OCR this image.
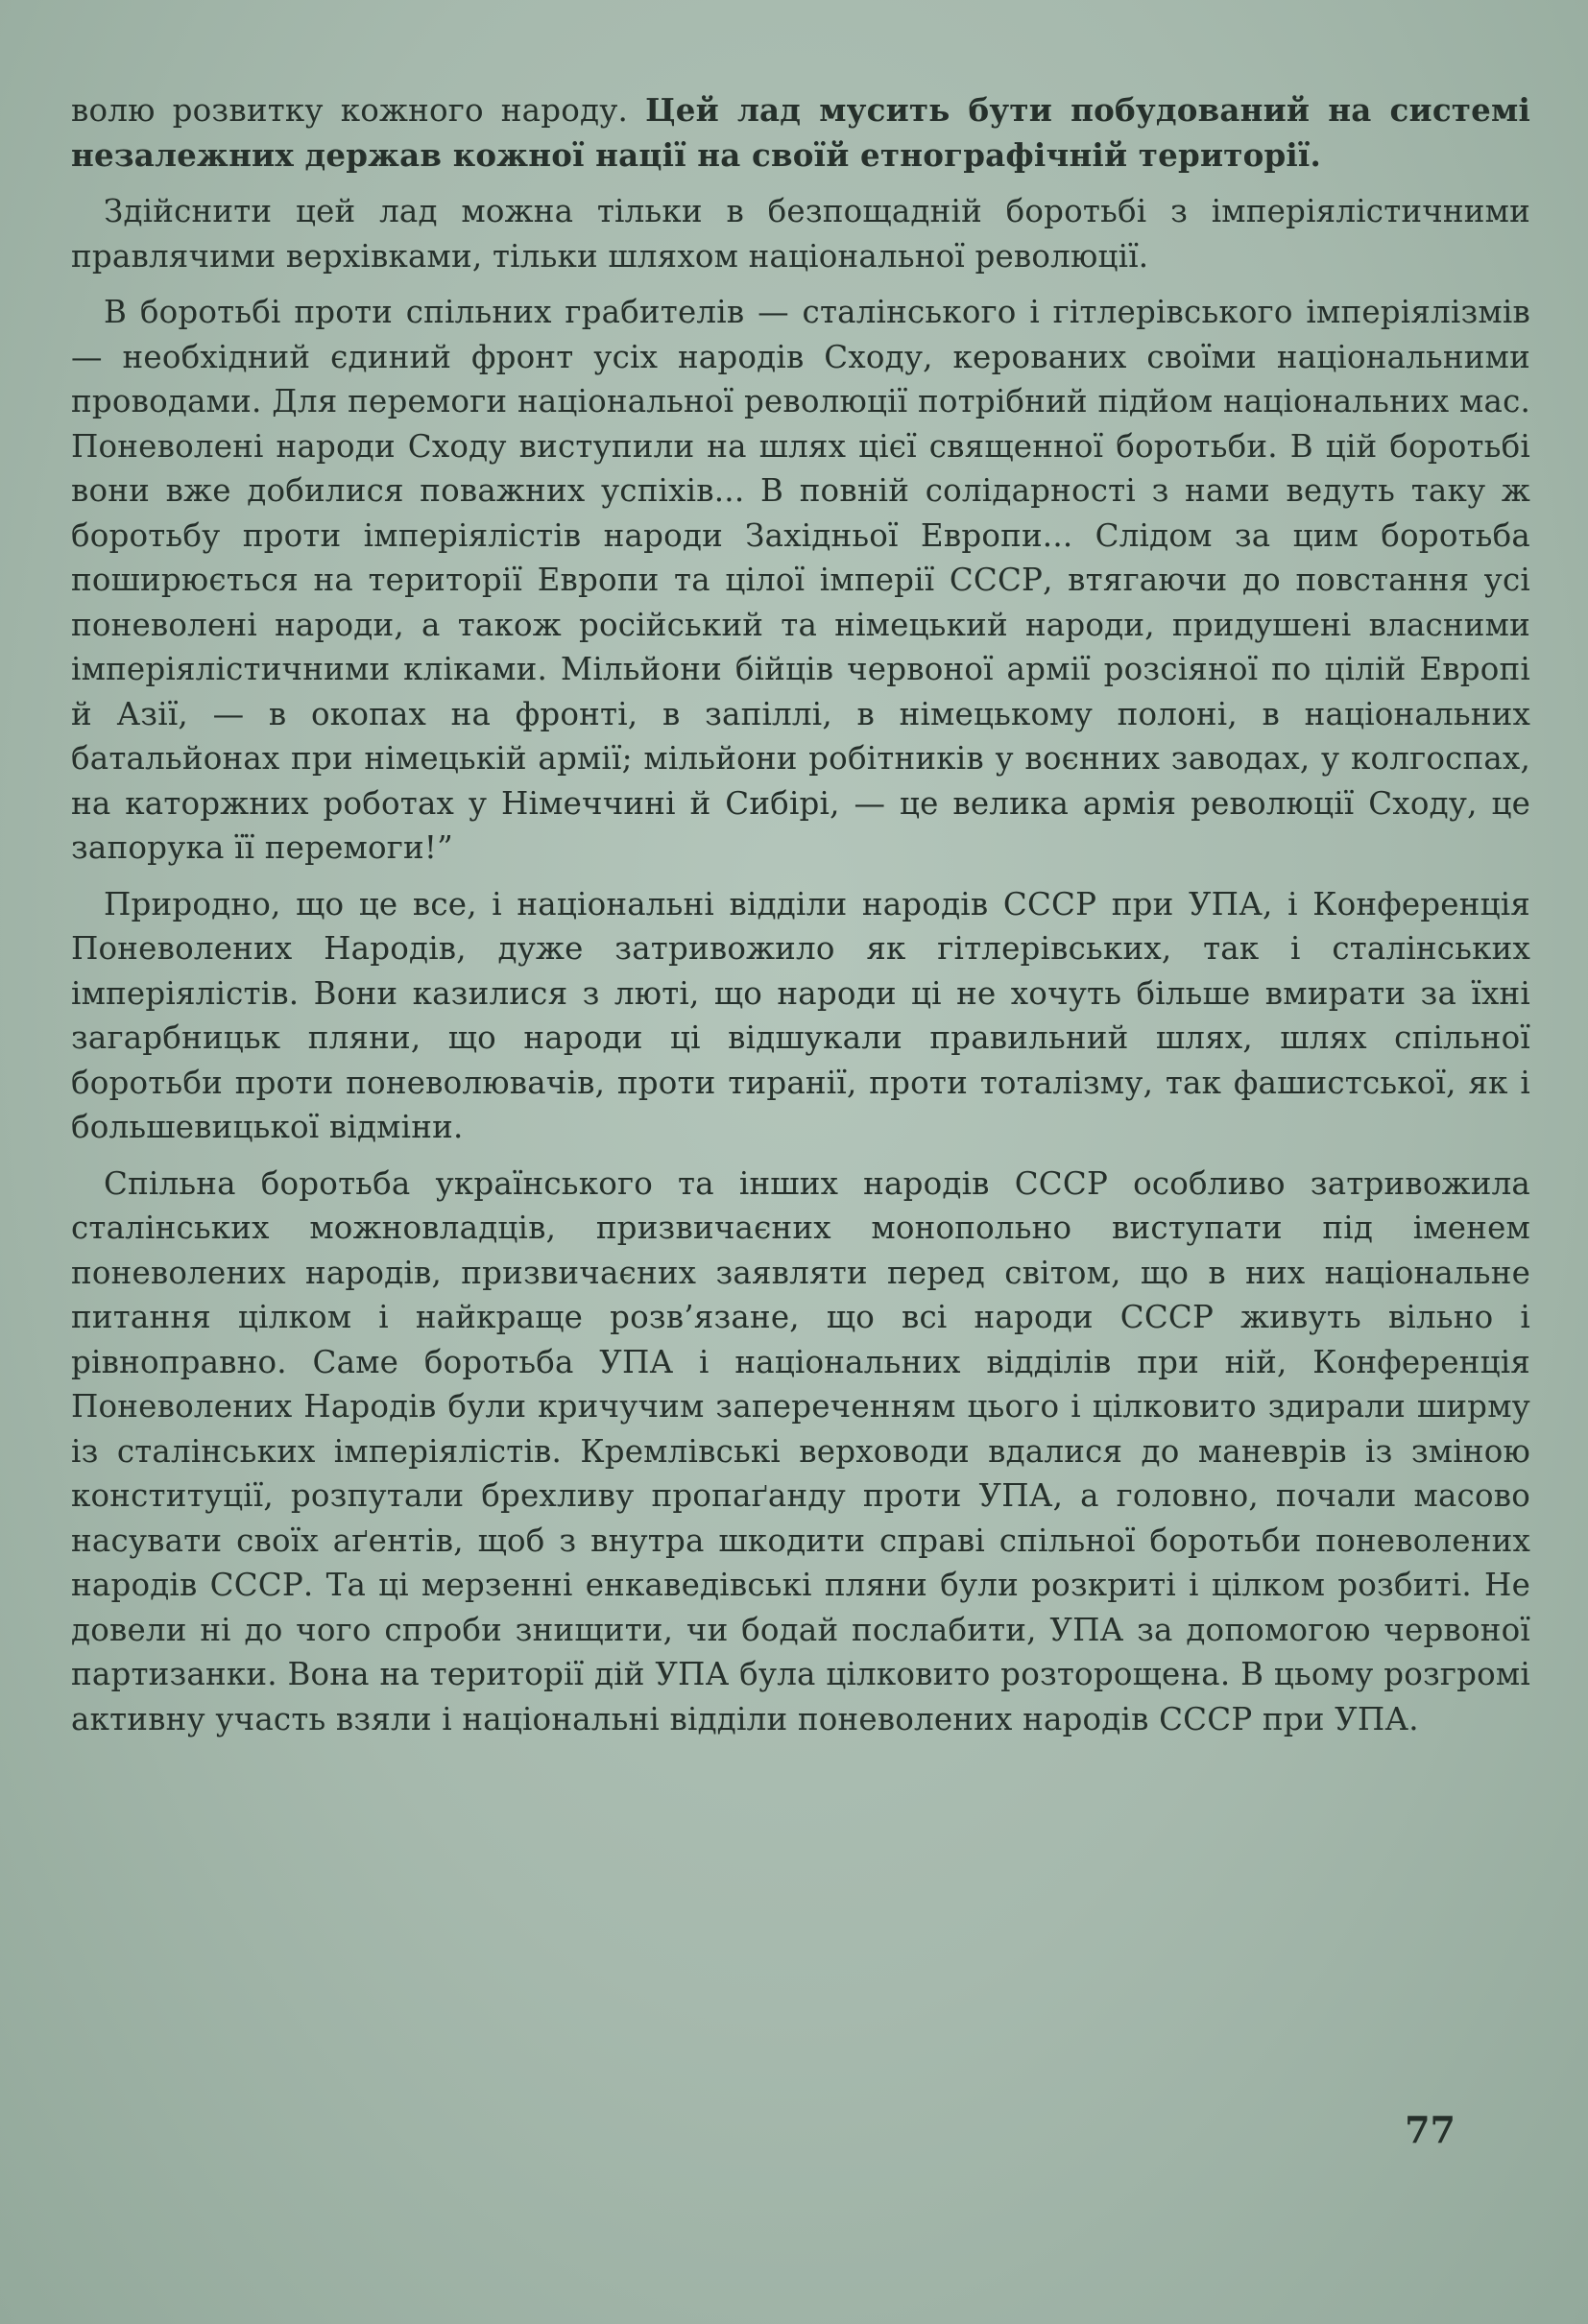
волю розвитку кожного народу. Цей лад мусить бути побудований на системі незалежних держав кожної нації на своїй етнографічній території.

Здійснити цей лад можна тільки в безпощадній боротьбі з імперіялістичними правлячими верхівками, тільки шляхом національної революції.

В боротьбі проти спільних грабителів — сталінського і гітлерівського імперіялізмів — необхідний єдиний фронт усіх народів Сходу, керованих своїми національними проводами. Для перемоги національної революції потрібний підйом національних мас. Поневолені народи Сходу виступили на шлях цієї священної боротьби. В цій боротьбі вони вже добилися поважних успіхів... В повній солідарності з нами ведуть таку ж боротьбу проти імперіялістів народи Західньої Европи... Слідом за цим боротьба поширюється на території Европи та цілої імперії СССР, втягаючи до повстання усі поневолені народи, а також російський та німецький народи, придушені власними імперіялістичними кліками. Мільйони бійців червоної армії розсіяної по цілій Европі й Азії, — в окопах на фронті, в запіллі, в німецькому полоні, в національних батальйонах при німецькій армії; мільйони робітників у воєнних заводах, у колгоспах, на каторжних роботах у Німеччині й Сибірі, — це велика армія революції Сходу, це запорука її перемоги!”

Природно, що це все, і національні відділи народів СССР при УПА, і Конференція Поневолених Народів, дуже затривожило як гітлерівських, так і сталінських імперіялістів. Вони казилися з люті, що народи ці не хочуть більше вмирати за їхні загарбницьк пляни, що народи ці відшукали правильний шлях, шлях спільної боротьби проти поневолювачів, проти тиранії, проти тоталізму, так фашистської, як і большевицької відміни.

Спільна боротьба українського та інших народів СССР особливо затривожила сталінських можновладців, призвичаєних монопольно виступати під іменем поневолених народів, призвичаєних заявляти перед світом, що в них національне питання цілком і найкраще розв’язане, що всі народи СССР живуть вільно і рівноправно. Саме боротьба УПА і національних відділів при ній, Конференція Поневолених Народів були кричучим запереченням цього і цілковито здирали ширму із сталінських імперіялістів. Кремлівські верховоди вдалися до маневрів із зміною конституції, розпутали брехливу пропаґанду проти УПА, а головно, почали масово насувати своїх аґентів, щоб з внутра шкодити справі спільної боротьби поневолених народів СССР. Та ці мерзенні енкаведівські пляни були розкриті і цілком розбиті. Не довели ні до чого спроби знищити, чи бодай послабити, УПА за допомогою червоної партизанки. Вона на території дій УПА була цілковито розторощена. В цьому розгромі активну участь взяли і національні відділи поневолених народів СССР при УПА.

77
